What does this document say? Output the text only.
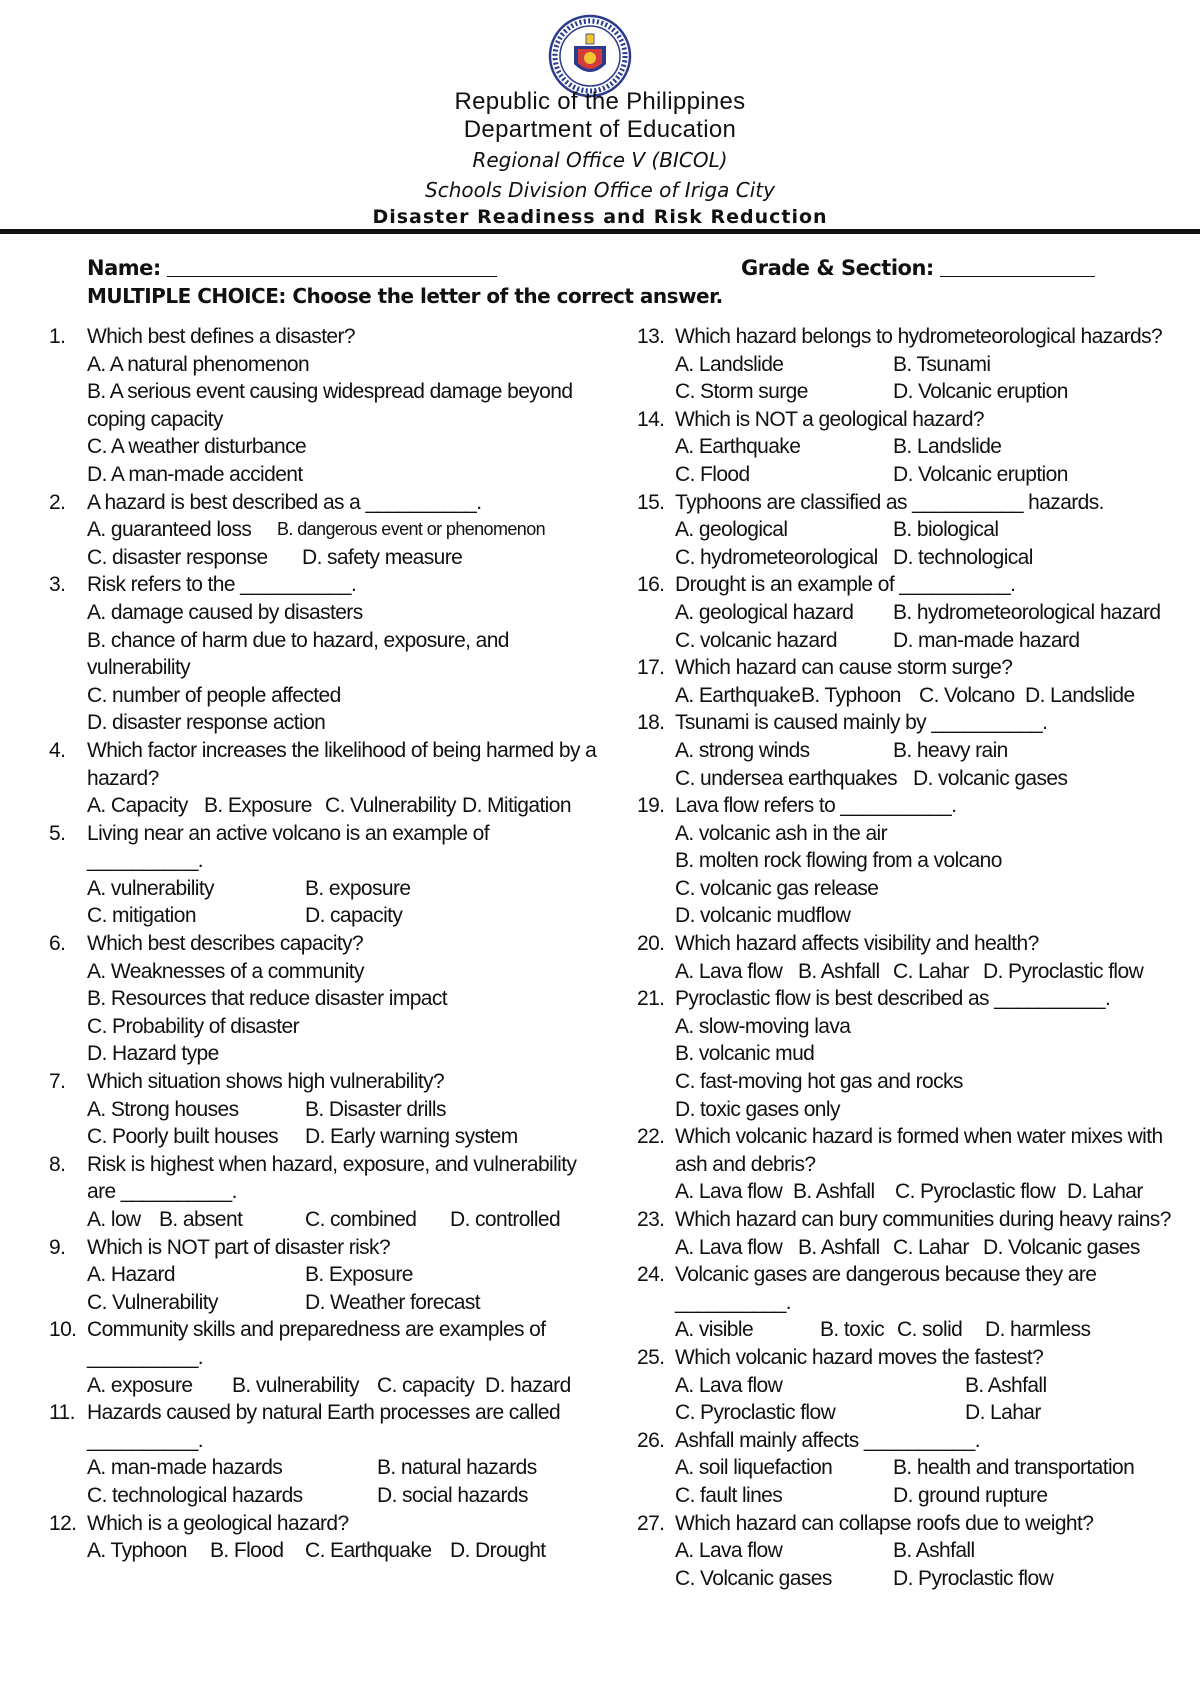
Republic of the Philippines
Department of Education
Regional Office V (BICOL)
Schools Division Office of Iriga City
Disaster Readiness and Risk Reduction
Name:	Grade & Section:
MULTIPLE CHOICE: Choose the letter of the correct answer.
1. Which best defines a disaster?
A. A natural phenomenon
B. A serious event causing widespread damage beyond coping capacity
C. A weather disturbance
D. A man-made accident
2. A hazard is best described as a __________.
A. guaranteed loss	B. dangerous event or phenomenon
C. disaster response	D. safety measure
3. Risk refers to the __________.
A. damage caused by disasters
B. chance of harm due to hazard, exposure, and vulnerability
C. number of people affected
D. disaster response action
4. Which factor increases the likelihood of being harmed by a hazard?
A. Capacity B. Exposure C. Vulnerability D. Mitigation
5. Living near an active volcano is an example of __________.
A. vulnerability	B. exposure
C. mitigation	D. capacity
6. Which best describes capacity?
A. Weaknesses of a community
B. Resources that reduce disaster impact
C. Probability of disaster
D. Hazard type
7. Which situation shows high vulnerability?
A. Strong houses	B. Disaster drills
C. Poorly built houses	D. Early warning system
8. Risk is highest when hazard, exposure, and vulnerability are __________.
A. low B. absent	C. combined	D. controlled
9. Which is NOT part of disaster risk?
A. Hazard	B. Exposure
C. Vulnerability	D. Weather forecast
10. Community skills and preparedness are examples of __________.
A. exposure	B. vulnerability C. capacity D. hazard
11. Hazards caused by natural Earth processes are called __________.
A. man-made hazards	B. natural hazards
C. technological hazards	D. social hazards
12. Which is a geological hazard?
A. Typhoon	B. Flood	C. Earthquake D. Drought
13. Which hazard belongs to hydrometeorological hazards?
A. Landslide	B. Tsunami
C. Storm surge	D. Volcanic eruption
14. Which is NOT a geological hazard?
A. Earthquake	B. Landslide
C. Flood	D. Volcanic eruption
15. Typhoons are classified as __________ hazards.
A. geological	B. biological
C. hydrometeorological D. technological
16. Drought is an example of __________.
A. geological hazard	B. hydrometeorological hazard
C. volcanic hazard	D. man-made hazard
17. Which hazard can cause storm surge?
A. Earthquake B. Typhoon C. Volcano D. Landslide
18. Tsunami is caused mainly by __________.
A. strong winds	B. heavy rain
C. undersea earthquakes D. volcanic gases
19. Lava flow refers to __________.
A. volcanic ash in the air
B. molten rock flowing from a volcano
C. volcanic gas release
D. volcanic mudflow
20. Which hazard affects visibility and health?
A. Lava flow B. Ashfall C. Lahar D. Pyroclastic flow
21. Pyroclastic flow is best described as __________.
A. slow-moving lava
B. volcanic mud
C. fast-moving hot gas and rocks
D. toxic gases only
22. Which volcanic hazard is formed when water mixes with ash and debris?
A. Lava flow B. Ashfall C. Pyroclastic flow D. Lahar
23. Which hazard can bury communities during heavy rains?
A. Lava flow B. Ashfall C. Lahar D. Volcanic gases
24. Volcanic gases are dangerous because they are __________.
A. visible	B. toxic C. solid	D. harmless
25. Which volcanic hazard moves the fastest?
A. Lava flow	B. Ashfall
C. Pyroclastic flow	D. Lahar
26. Ashfall mainly affects __________.
A. soil liquefaction	B. health and transportation
C. fault lines	D. ground rupture
27. Which hazard can collapse roofs due to weight?
A. Lava flow	B. Ashfall
C. Volcanic gases	D. Pyroclastic flow
